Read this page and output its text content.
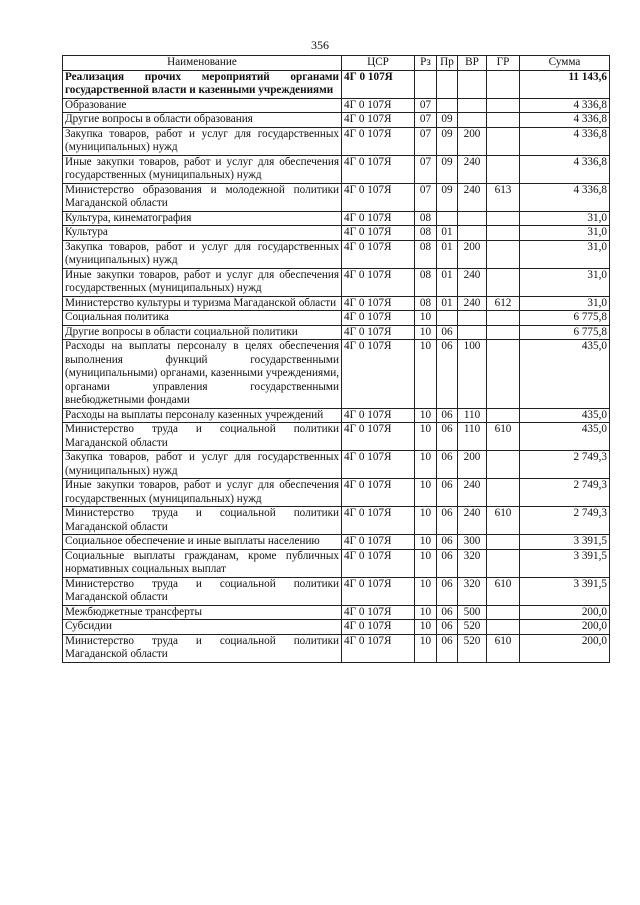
356
Наименование	ЦСР	Рз	Пр	ВР	ГР	Сумма
Реализация прочих мероприятий органами государственной власти и казенными учреждениями	4Г 0 107Я					11 143,6
Образование	4Г 0 107Я	07				4 336,8
Другие вопросы в области образования	4Г 0 107Я	07	09			4 336,8
Закупка товаров, работ и услуг для государственных (муниципальных) нужд	4Г 0 107Я	07	09	200		4 336,8
Иные закупки товаров, работ и услуг для обеспечения государственных (муниципальных) нужд	4Г 0 107Я	07	09	240		4 336,8
Министерство образования и молодежной политики Магаданской области	4Г 0 107Я	07	09	240	613	4 336,8
Культура, кинематография	4Г 0 107Я	08				31,0
Культура	4Г 0 107Я	08	01			31,0
Закупка товаров, работ и услуг для государственных (муниципальных) нужд	4Г 0 107Я	08	01	200		31,0
Иные закупки товаров, работ и услуг для обеспечения государственных (муниципальных) нужд	4Г 0 107Я	08	01	240		31,0
Министерство культуры и туризма Магаданской области	4Г 0 107Я	08	01	240	612	31,0
Социальная политика	4Г 0 107Я	10				6 775,8
Другие вопросы в области социальной политики	4Г 0 107Я	10	06			6 775,8
Расходы на выплаты персоналу в целях обеспечения выполнения функций государственными (муниципальными) органами, казенными учреждениями, органами управления государственными внебюджетными фондами	4Г 0 107Я	10	06	100		435,0
Расходы на выплаты персоналу казенных учреждений	4Г 0 107Я	10	06	110		435,0
Министерство труда и социальной политики Магаданской области	4Г 0 107Я	10	06	110	610	435,0
Закупка товаров, работ и услуг для государственных (муниципальных) нужд	4Г 0 107Я	10	06	200		2 749,3
Иные закупки товаров, работ и услуг для обеспечения государственных (муниципальных) нужд	4Г 0 107Я	10	06	240		2 749,3
Министерство труда и социальной политики Магаданской области	4Г 0 107Я	10	06	240	610	2 749,3
Социальное обеспечение и иные выплаты населению	4Г 0 107Я	10	06	300		3 391,5
Социальные выплаты гражданам, кроме публичных нормативных социальных выплат	4Г 0 107Я	10	06	320		3 391,5
Министерство труда и социальной политики Магаданской области	4Г 0 107Я	10	06	320	610	3 391,5
Межбюджетные трансферты	4Г 0 107Я	10	06	500		200,0
Субсидии	4Г 0 107Я	10	06	520		200,0
Министерство труда и социальной политики Магаданской области	4Г 0 107Я	10	06	520	610	200,0
